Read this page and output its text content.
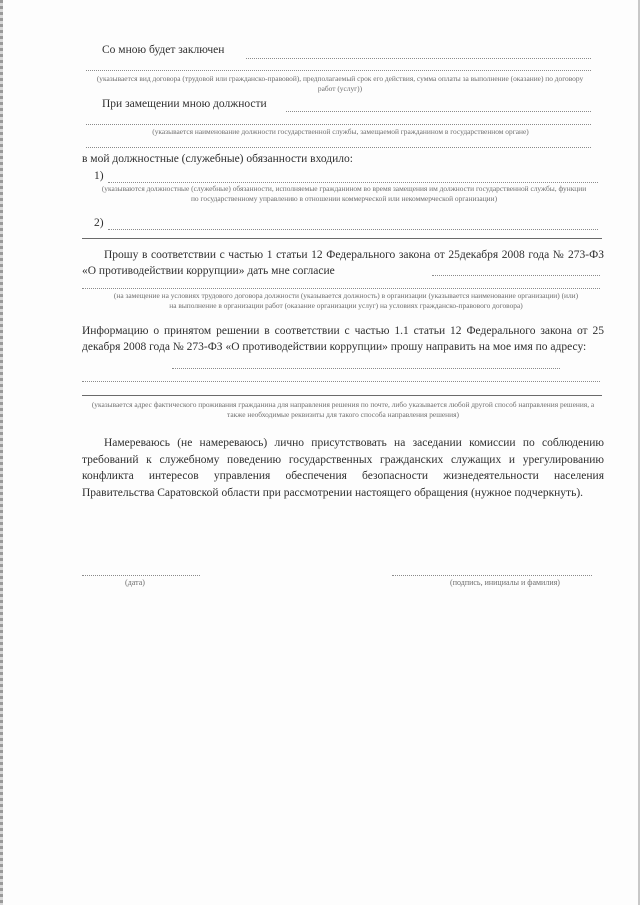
Со мною будет заключен
(указывается вид договора (трудовой или гражданско-правовой), предполагаемый срок его действия, сумма оплаты за выполнение (оказание) по договору работ (услуг))
При замещении мною должности
(указывается наименование должности государственной службы, замещаемой гражданином в государственном органе)
в мой должностные (служебные) обязанности входило:
1)
(указываются должностные (служебные) обязанности, исполняемые гражданином во время замещения им должности государственной службы, функции по государственному управлению в отношении коммерческой или некоммерческой организации)
2)
Прошу в соответствии с частью 1 статьи 12 Федерального закона от 25декабря 2008 года № 273-ФЗ «О противодействии коррупции» дать мне согласие
(на замещение на условиях трудового договора должности (указывается должность) в организации (указывается наименование организации) (или) на выполнение в организации работ (оказание организации услуг) на условиях гражданско-правового договора)
Информацию о принятом решении в соответствии с частью 1.1 статьи 12 Федерального закона от 25 декабря 2008 года № 273-ФЗ «О противодействии коррупции» прошу направить на мое имя по адресу:
(указывается адрес фактического проживания гражданина для направления решения по почте, либо указывается любой другой способ направления решения, а также необходимые реквизиты для такого способа направления решения)
Намереваюсь (не намереваюсь) лично присутствовать на заседании комиссии по соблюдению требований к служебному поведению государственных гражданских служащих и урегулированию конфликта интересов управления обеспечения безопасности жизнедеятельности населения Правительства Саратовской области при рассмотрении настоящего обращения (нужное подчеркнуть).
(дата)	(подпись, инициалы и фамилия)
